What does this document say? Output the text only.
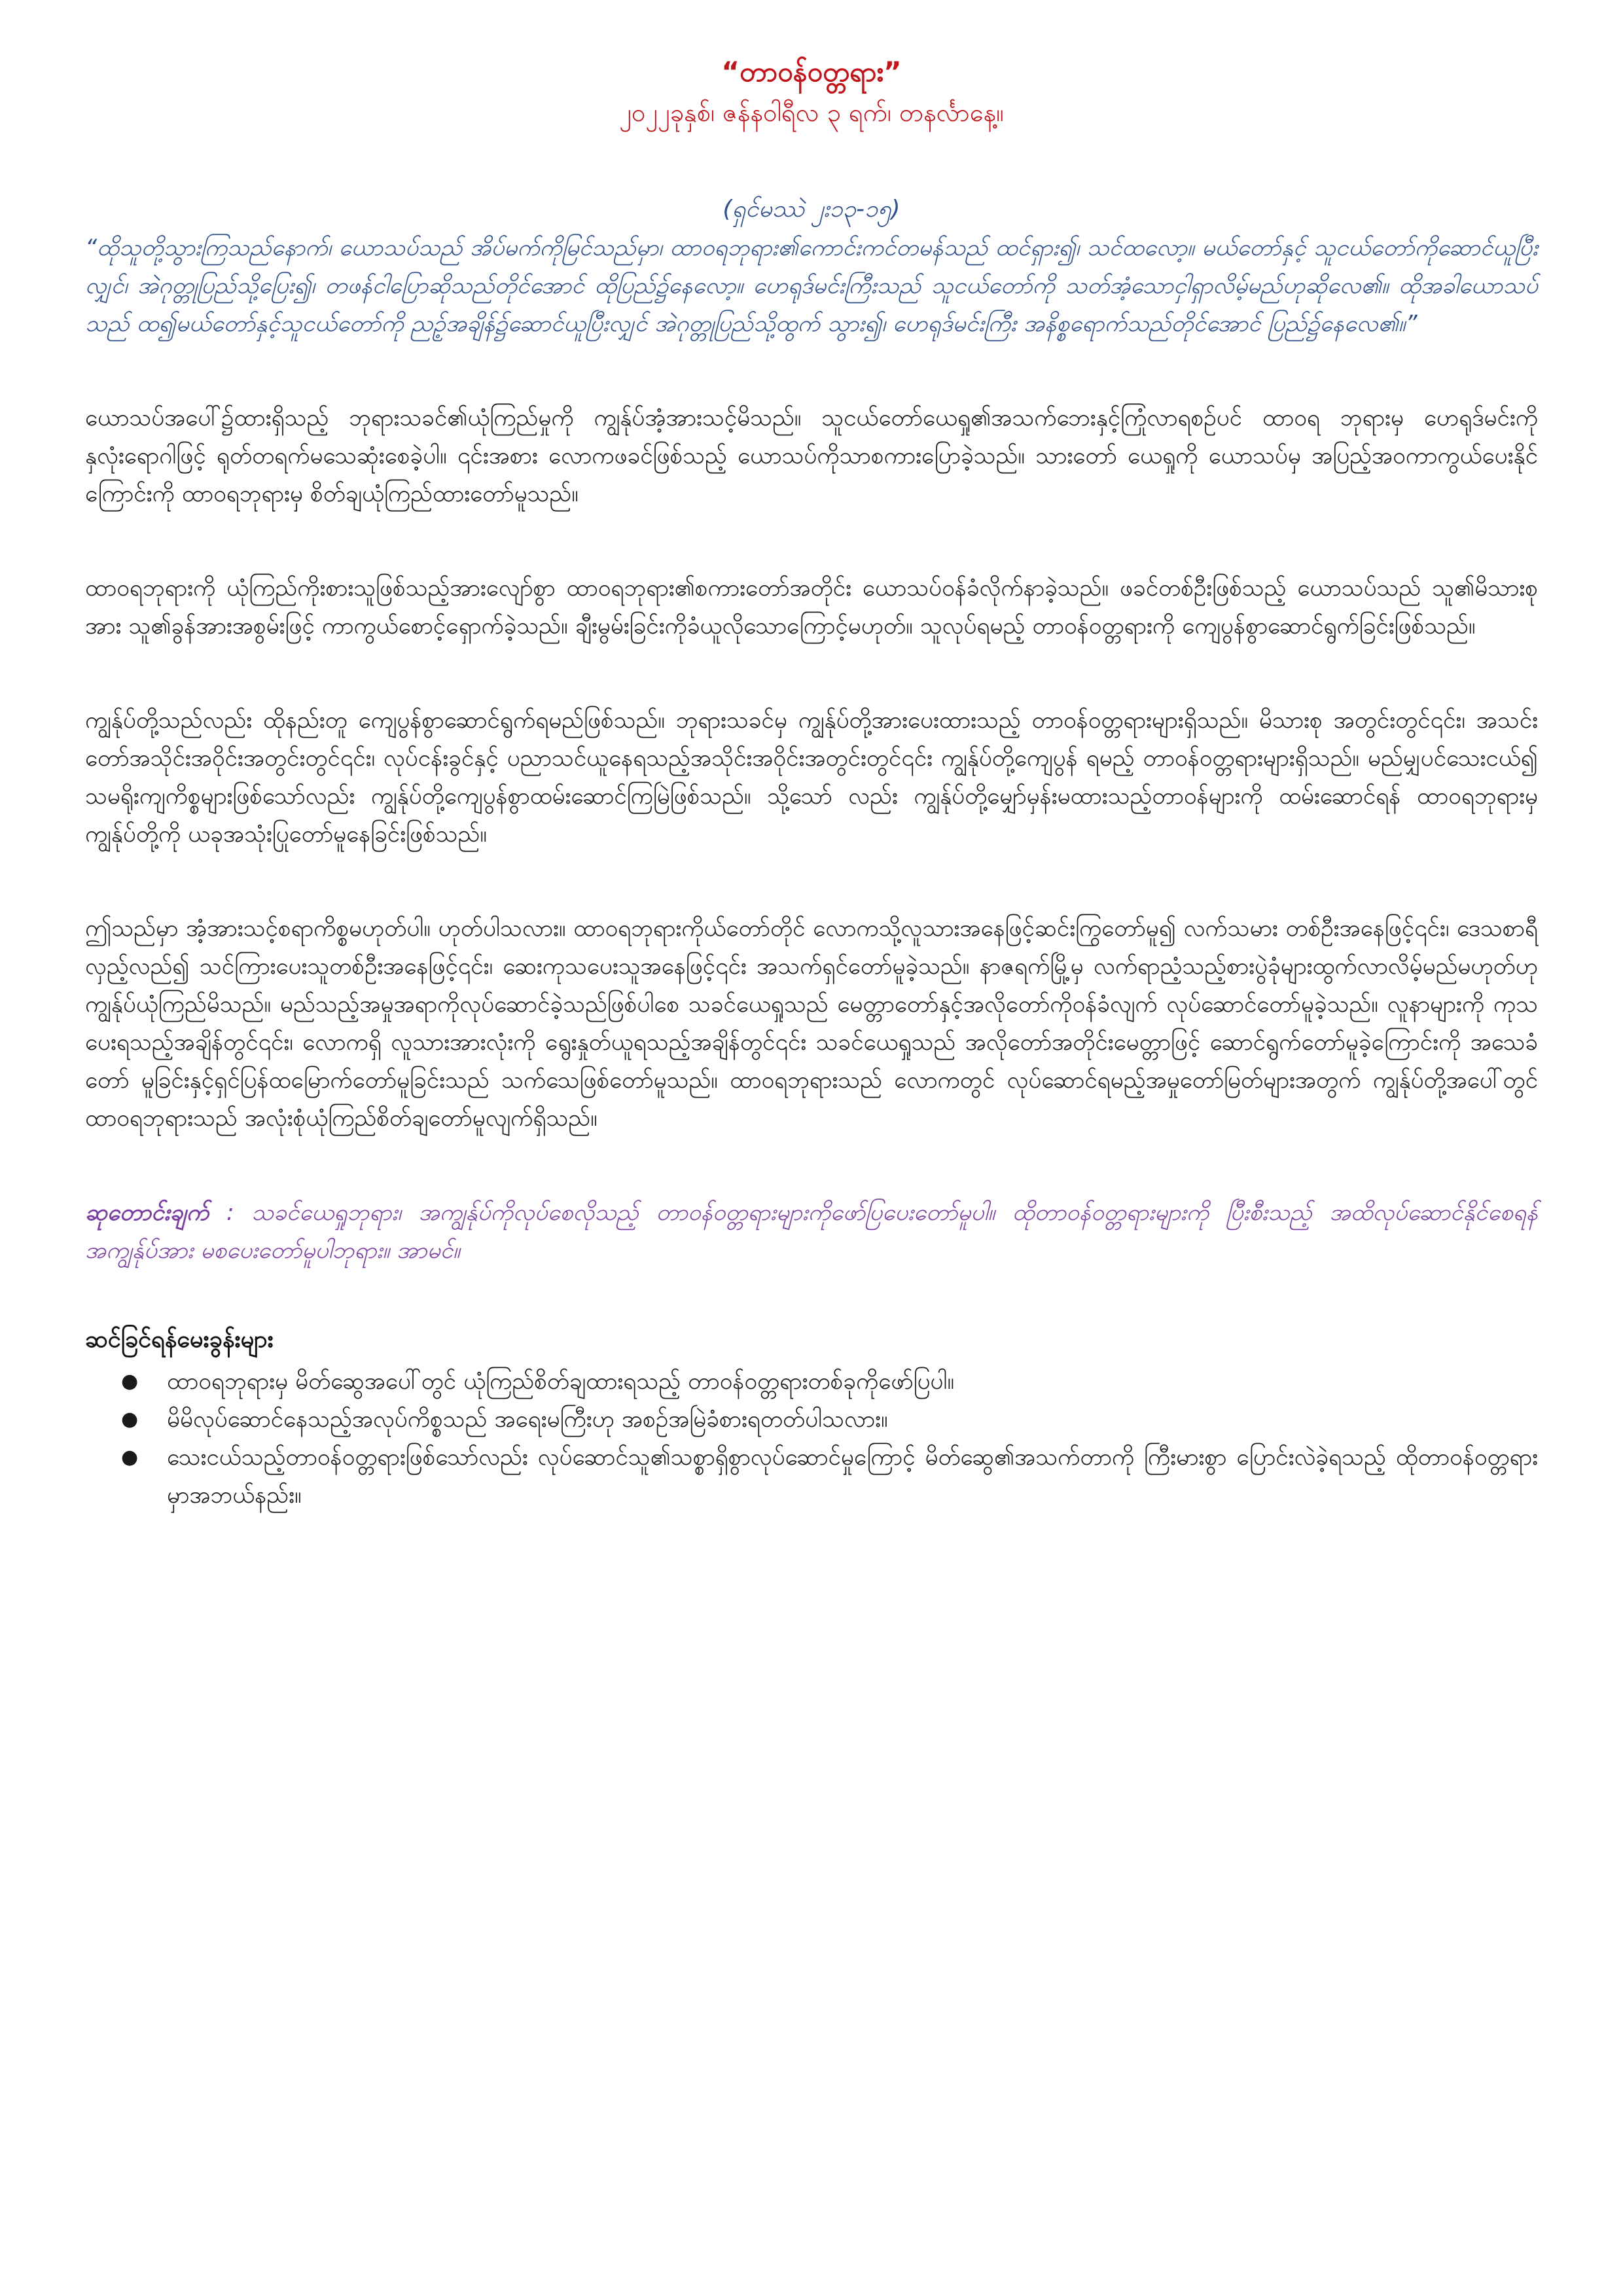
“တာဝန်ဝတ္တရား”

၂၀၂၂ခုနှစ်၊ ဇန်နဝါရီလ ၃ ရက်၊ တနင်္လာနေ့။

(ရှင်မဿဲ ၂း၁၃-၁၅)

“ထိုသူတို့သွားကြသည်နောက်၊ ယောသပ်သည် အိပ်မက်ကိုမြင်သည်မှာ၊ ထာဝရဘုရား၏ကောင်းကင်တမန်သည် ထင်ရှား၍၊ သင်ထလော့။ မယ်တော်နှင့် သူငယ်တော်ကိုဆောင်ယူပြီးလျှင်၊ အဲဂုတ္တုပြည်သို့ပြေး၍၊ တဖန်ငါပြောဆိုသည်တိုင်အောင် ထိုပြည်၌နေလော့။ ဟေရုဒ်မင်းကြီးသည် သူငယ်တော်ကို သတ်အံ့သောငှါရှာလိမ့်မည်ဟုဆိုလေ၏။ ထိုအခါယောသပ်သည် ထ၍မယ်တော်နှင့်သူငယ်တော်ကို ညဉ့်အချိန်၌ဆောင်ယူပြီးလျှင် အဲဂုတ္တုပြည်သို့ထွက် သွား၍၊ ဟေရုဒ်မင်းကြီး အနိစ္စရောက်သည်တိုင်အောင် ပြည်၌နေလေ၏။”

ယောသပ်အပေါ်၌ထားရှိသည့် ဘုရားသခင်၏ယုံကြည်မှုကို ကျွန်ုပ်အံ့အားသင့်မိသည်။ သူငယ်တော်ယေရှု၏အသက်ဘေးနှင့်ကြုံလာရစဉ်ပင် ထာဝရ ဘုရားမှ ဟေရုဒ်မင်းကို နှလုံးရောဂါဖြင့် ရုတ်တရက်မသေဆုံးစေခဲ့ပါ။ ၎င်းအစား လောကဖခင်ဖြစ်သည့် ယောသပ်ကိုသာစကားပြောခဲ့သည်။ သားတော် ယေရှုကို ယောသပ်မှ အပြည့်အဝကာကွယ်ပေးနိုင်ကြောင်းကို ထာဝရဘုရားမှ စိတ်ချယုံကြည်ထားတော်မူသည်။

ထာဝရဘုရားကို ယုံကြည်ကိုးစားသူဖြစ်သည့်အားလျော်စွာ ထာဝရဘုရား၏စကားတော်အတိုင်း ယောသပ်ဝန်ခံလိုက်နာခဲ့သည်။ ဖခင်တစ်ဦးဖြစ်သည့် ယောသပ်သည် သူ၏မိသားစုအား သူ၏ခွန်အားအစွမ်းဖြင့် ကာကွယ်စောင့်ရှောက်ခဲ့သည်။ ချီးမွမ်းခြင်းကိုခံယူလိုသောကြောင့်မဟုတ်။ သူလုပ်ရမည့် တာဝန်ဝတ္တရားကို ကျေပွန်စွာဆောင်ရွက်ခြင်းဖြစ်သည်။

ကျွန်ုပ်တို့သည်လည်း ထိုနည်းတူ ကျေပွန်စွာဆောင်ရွက်ရမည်ဖြစ်သည်။ ဘုရားသခင်မှ ကျွန်ုပ်တို့အားပေးထားသည့် တာဝန်ဝတ္တရားများရှိသည်။ မိသားစု အတွင်းတွင်၎င်း၊ အသင်းတော်အသိုင်းအဝိုင်းအတွင်းတွင်၎င်း၊ လုပ်ငန်းခွင်နှင့် ပညာသင်ယူနေရသည့်အသိုင်းအဝိုင်းအတွင်းတွင်၎င်း ကျွန်ုပ်တို့ကျေပွန် ရမည့် တာဝန်ဝတ္တရားများရှိသည်။ မည်မျှပင်သေးငယ်၍ သမရိုးကျကိစ္စများဖြစ်သော်လည်း ကျွန်ုပ်တို့ကျေပွန်စွာထမ်းဆောင်ကြမြဲဖြစ်သည်။ သို့သော် လည်း ကျွန်ုပ်တို့မျှော်မှန်းမထားသည့်တာဝန်များကို ထမ်းဆောင်ရန် ထာဝရဘုရားမှ ကျွန်ုပ်တို့ကို ယခုအသုံးပြုတော်မူနေခြင်းဖြစ်သည်။

ဤသည်မှာ အံ့အားသင့်စရာကိစ္စမဟုတ်ပါ။ ဟုတ်ပါသလား။ ထာဝရဘုရားကိုယ်တော်တိုင် လောကသို့လူသားအနေဖြင့်ဆင်းကြွတော်မူ၍ လက်သမား တစ်ဦးအနေဖြင့်၎င်း၊ ဒေသစာရီလှည့်လည်၍ သင်ကြားပေးသူတစ်ဦးအနေဖြင့်၎င်း၊ ဆေးကုသပေးသူအနေဖြင့်၎င်း အသက်ရှင်တော်မူခဲ့သည်။ နာဇရက်မြို့မှ လက်ရာညံ့သည့်စားပွဲခုံများထွက်လာလိမ့်မည်မဟုတ်ဟု ကျွန်ုပ်ယုံကြည်မိသည်။ မည်သည့်အမှုအရာကိုလုပ်ဆောင်ခဲ့သည်ဖြစ်ပါစေ သခင်ယေရှုသည် မေတ္တာတော်နှင့်အလိုတော်ကိုဝန်ခံလျက် လုပ်ဆောင်တော်မူခဲ့သည်။ လူနာများကို ကုသပေးရသည့်အချိန်တွင်၎င်း၊ လောကရှိ လူသားအားလုံးကို ရွေးနှုတ်ယူရသည့်အချိန်တွင်၎င်း သခင်ယေရှုသည် အလိုတော်အတိုင်းမေတ္တာဖြင့် ဆောင်ရွက်တော်မူခဲ့ကြောင်းကို အသေခံတော် မူခြင်းနှင့်ရှင်ပြန်ထမြောက်တော်မူခြင်းသည် သက်သေဖြစ်တော်မူသည်။ ထာဝရဘုရားသည် လောကတွင် လုပ်ဆောင်ရမည့်အမှုတော်မြတ်များအတွက် ကျွန်ုပ်တို့အပေါ်တွင် ထာဝရဘုရားသည် အလုံးစုံယုံကြည်စိတ်ချတော်မူလျက်ရှိသည်။

ဆုတောင်းချက် : သခင်ယေရှုဘုရား၊ အကျွန်ုပ်ကိုလုပ်စေလိုသည့် တာဝန်ဝတ္တရားများကိုဖော်ပြပေးတော်မူပါ။ ထိုတာဝန်ဝတ္တရားများကို ပြီးစီးသည့် အထိလုပ်ဆောင်နိုင်စေရန် အကျွန်ုပ်အား မစပေးတော်မူပါဘုရား။ အာမင်။

ဆင်ခြင်ရန်မေးခွန်းများ
● ထာဝရဘုရားမှ မိတ်ဆွေအပေါ်တွင် ယုံကြည်စိတ်ချထားရသည့် တာဝန်ဝတ္တရားတစ်ခုကိုဖော်ပြပါ။
● မိမိလုပ်ဆောင်နေသည့်အလုပ်ကိစ္စသည် အရေးမကြီးဟု အစဉ်အမြဲခံစားရတတ်ပါသလား။
● သေးငယ်သည့်တာဝန်ဝတ္တရားဖြစ်သော်လည်း လုပ်ဆောင်သူ၏သစ္စာရှိစွာလုပ်ဆောင်မှုကြောင့် မိတ်ဆွေ၏အသက်တာကို ကြီးမားစွာ ပြောင်းလဲခဲ့ရသည့် ထိုတာဝန်ဝတ္တရားမှာအဘယ်နည်း။
